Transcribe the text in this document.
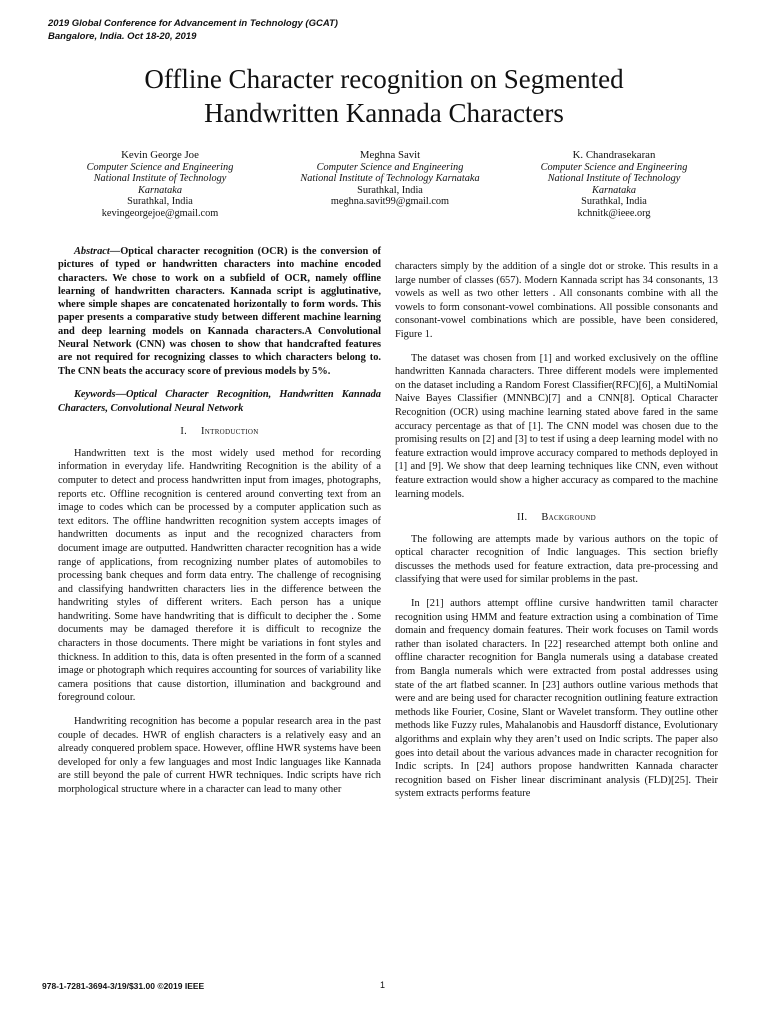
2019 Global Conference for Advancement in Technology (GCAT)
Bangalore, India. Oct 18-20, 2019
Offline Character recognition on Segmented
Handwritten Kannada Characters
Kevin George Joe
Computer Science and Engineering
National Institute of Technology
Karnataka
Surathkal, India
kevingeorgejoe@gmail.com
Meghna Savit
Computer Science and Engineering
National Institute of Technology Karnataka
Surathkal, India
meghna.savit99@gmail.com
K. Chandrasekaran
Computer Science and Engineering
National Institute of Technology
Karnataka
Surathkal, India
kchnitk@ieee.org

Abstract—Optical character recognition (OCR) is the conversion of pictures of typed or handwritten characters into machine encoded characters. We chose to work on a subfield of OCR, namely offline learning of handwritten characters. Kannada script is agglutinative, where simple shapes are concatenated horizontally to form words. This paper presents a comparative study between different machine learning and deep learning models on Kannada characters.A Convolutional Neural Network (CNN) was chosen to show that handcrafted features are not required for recognizing classes to which characters belong to. The CNN beats the accuracy score of previous models by 5%.

Keywords—Optical Character Recognition, Handwritten Kannada Characters, Convolutional Neural Network

I. Introduction

Handwritten text is the most widely used method for recording information in everyday life. Handwriting Recognition is the ability of a computer to detect and process handwritten input from images, photographs, reports etc. Offline recognition is centered around converting text from an image to codes which can be processed by a computer application such as text editors. The offline handwritten recognition system accepts images of handwritten documents as input and the recognized characters from document image are outputted. Handwritten character recognition has a wide range of applications, from recognizing number plates of automobiles to processing bank cheques and form data entry. The challenge of recognising and classifying handwritten characters lies in the difference between the handwriting styles of different writers. Each person has a unique handwriting. Some have handwriting that is difficult to decipher the . Some documents may be damaged therefore it is difficult to recognize the characters in those documents. There might be variations in font styles and thickness. In addition to this, data is often presented in the form of a scanned image or photograph which requires accounting for sources of variability like camera positions that cause distortion, illumination and background and foreground colour.

Handwriting recognition has become a popular research area in the past couple of decades. HWR of english characters is a relatively easy and an already conquered problem space. However, offline HWR systems have been developed for only a few languages and most Indic languages like Kannada are still beyond the pale of current HWR techniques. Indic scripts have rich morphological structure where in a character can lead to many other

characters simply by the addition of a single dot or stroke. This results in a large number of classes (657). Modern Kannada script has 34 consonants, 13 vowels as well as two other letters . All consonants combine with all the vowels to form consonant-vowel combinations. All possible consonants and consonant-vowel combinations which are possible, have been considered, Figure 1.

The dataset was chosen from [1] and worked exclusively on the offline handwritten Kannada characters. Three different models were implemented on the dataset including a Random Forest Classifier(RFC)[6], a MultiNomial Naive Bayes Classifier (MNNBC)[7] and a CNN[8]. Optical Character Recognition (OCR) using machine learning stated above fared in the same accuracy percentage as that of [1]. The CNN model was chosen due to the promising results on [2] and [3] to test if using a deep learning model with no feature extraction would improve accuracy compared to methods deployed in [1] and [9]. We show that deep learning techniques like CNN, even without feature extraction would show a higher accuracy as compared to the machine learning models.

II. Background

The following are attempts made by various authors on the topic of optical character recognition of Indic languages. This section briefly discusses the methods used for feature extraction, data pre-processing and classifying that were used for similar problems in the past.

In [21] authors attempt offline cursive handwritten tamil character recognition using HMM and feature extraction using a combination of Time domain and frequency domain features. Their work focuses on Tamil words rather than isolated characters. In [22] researched attempt both online and offline character recognition for Bangla numerals using a database created from Bangla numerals which were extracted from postal addresses using state of the art flatbed scanner. In [23] authors outline various methods that were and are being used for character recognition outlining feature extraction methods like Fourier, Cosine, Slant or Wavelet transform. They outline other methods like Fuzzy rules, Mahalanobis and Hausdorff distance, Evolutionary algorithms and explain why they aren’t used on Indic scripts. The paper also goes into detail about the various advances made in character recognition for Indic scripts. In [24] authors propose handwritten Kannada character recognition based on Fisher linear discriminant analysis (FLD)[25]. Their system extracts performs feature

978-1-7281-3694-3/19/$31.00 ©2019 IEEE	1
